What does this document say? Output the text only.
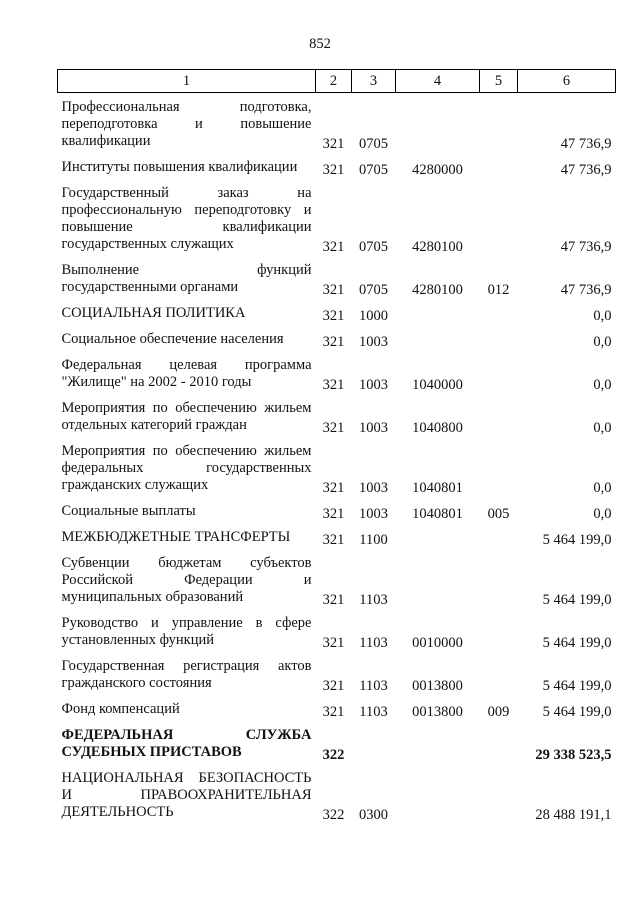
852
1	2	3	4	5	6
Профессиональная подготовка, переподготовка и повышение квалификации	321	0705			47 736,9
Институты повышения квалификации	321	0705	4280000		47 736,9
Государственный заказ на профессиональную переподготовку и повышение квалификации государственных служащих	321	0705	4280100		47 736,9
Выполнение функций государственными органами	321	0705	4280100	012	47 736,9
СОЦИАЛЬНАЯ ПОЛИТИКА	321	1000			0,0
Социальное обеспечение населения	321	1003			0,0
Федеральная целевая программа "Жилище" на 2002 - 2010 годы	321	1003	1040000		0,0
Мероприятия по обеспечению жильем отдельных категорий граждан	321	1003	1040800		0,0
Мероприятия по обеспечению жильем федеральных государственных гражданских служащих	321	1003	1040801		0,0
Социальные выплаты	321	1003	1040801	005	0,0
МЕЖБЮДЖЕТНЫЕ ТРАНСФЕРТЫ	321	1100			5 464 199,0
Субвенции бюджетам субъектов Российской Федерации и муниципальных образований	321	1103			5 464 199,0
Руководство и управление в сфере установленных функций	321	1103	0010000		5 464 199,0
Государственная регистрация актов гражданского состояния	321	1103	0013800		5 464 199,0
Фонд компенсаций	321	1103	0013800	009	5 464 199,0
ФЕДЕРАЛЬНАЯ СЛУЖБА СУДЕБНЫХ ПРИСТАВОВ	322				29 338 523,5
НАЦИОНАЛЬНАЯ БЕЗОПАСНОСТЬ И ПРАВООХРАНИТЕЛЬНАЯ ДЕЯТЕЛЬНОСТЬ	322	0300			28 488 191,1
